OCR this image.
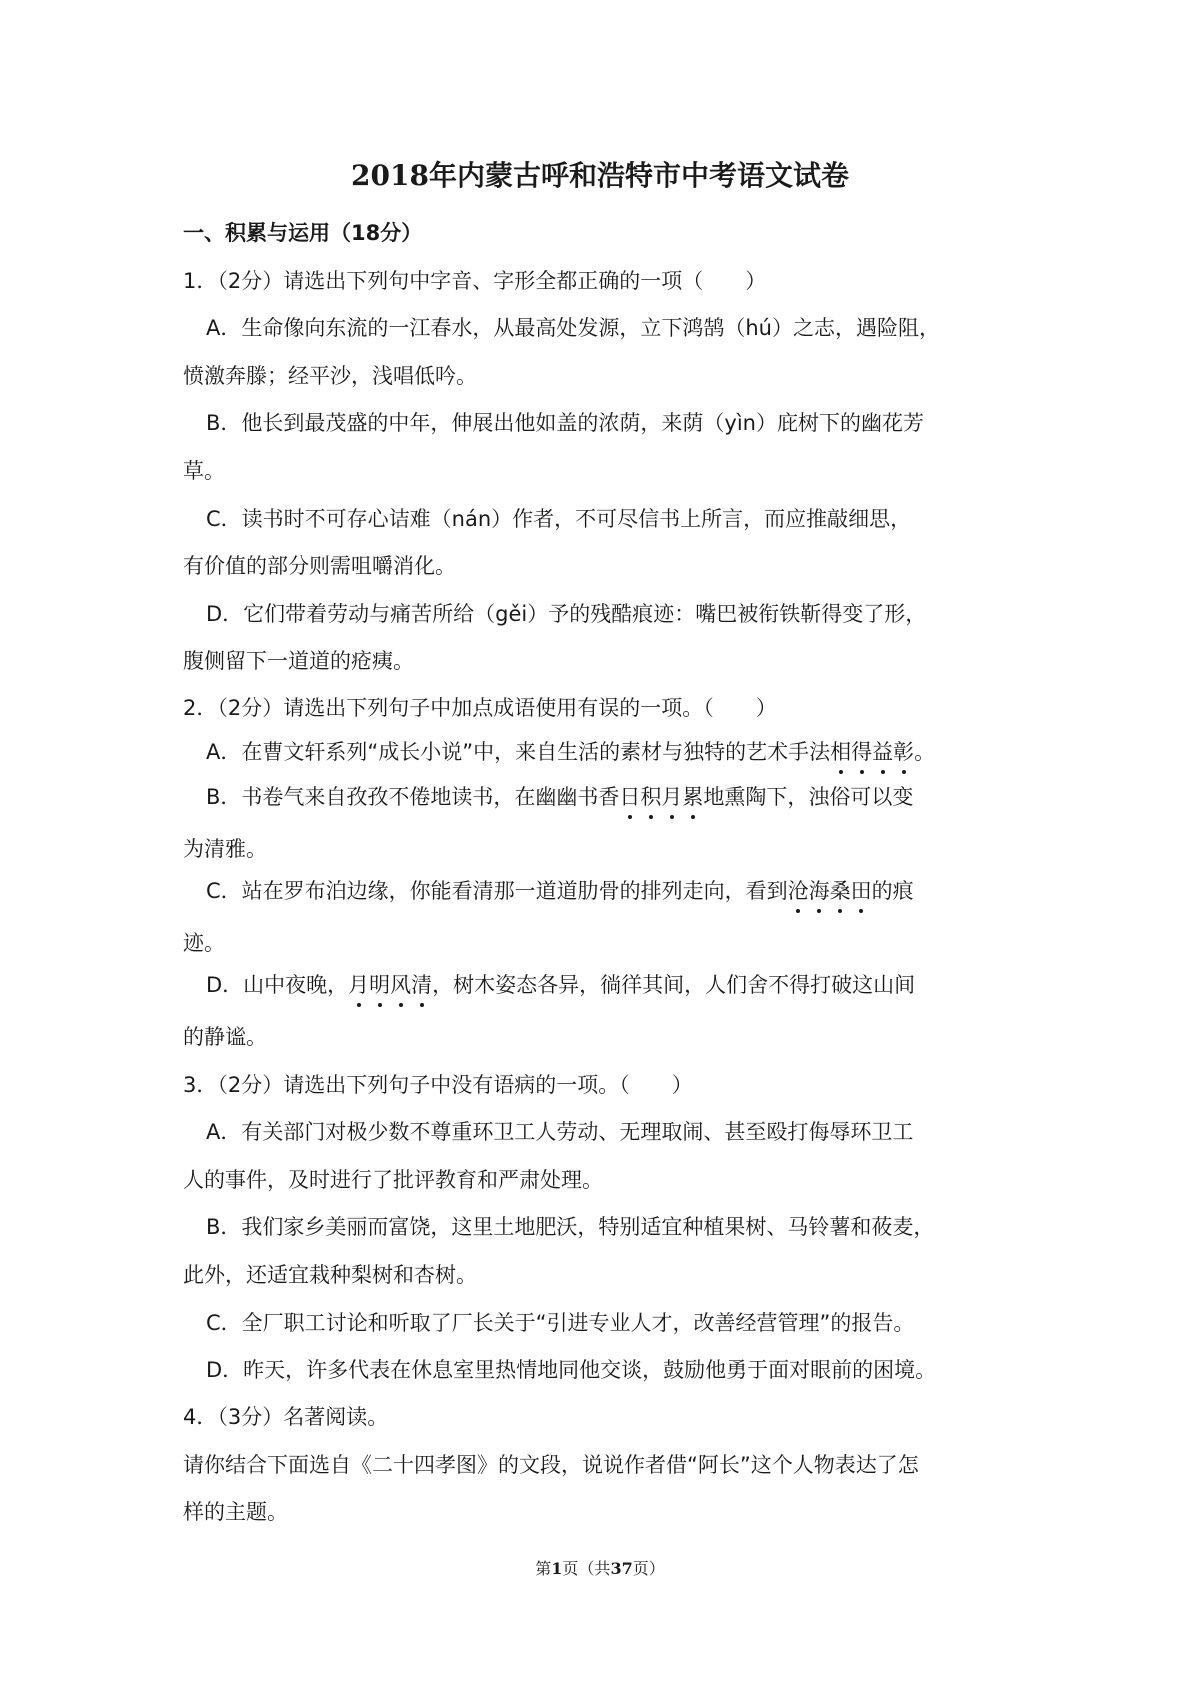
2018年内蒙古呼和浩特市中考语文试卷
一、积累与运用（18分）
1．（2分）请选出下列句中字音、字形全都正确的一项（　　）
A．生命像向东流的一江春水，从最高处发源，立下鸿鹄（hú）之志，遇险阻，
愤激奔滕；经平沙，浅唱低吟。
B．他长到最茂盛的中年，伸展出他如盖的浓荫，来荫（yìn）庇树下的幽花芳
草。
C．读书时不可存心诘难（nán）作者，不可尽信书上所言，而应推敲细思，
有价值的部分则需咀嚼消化。
D．它们带着劳动与痛苦所给（gěi）予的残酷痕迹：嘴巴被衔铁靳得变了形，
腹侧留下一道道的疮痍。
2．（2分）请选出下列句子中加点成语使用有误的一项。（　　）
A．在曹文轩系列“成长小说”中，来自生活的素材与独特的艺术手法相得益彰。
B．书卷气来自孜孜不倦地读书，在幽幽书香日积月累地熏陶下，浊俗可以变
为清雅。
C．站在罗布泊边缘，你能看清那一道道肋骨的排列走向，看到沧海桑田的痕
迹。
D．山中夜晚，月明风清，树木姿态各异，徜徉其间，人们舍不得打破这山间
的静谧。
3．（2分）请选出下列句子中没有语病的一项。（　　）
A．有关部门对极少数不尊重环卫工人劳动、无理取闹、甚至殴打侮辱环卫工
人的事件，及时进行了批评教育和严肃处理。
B．我们家乡美丽而富饶，这里土地肥沃，特别适宜种植果树、马铃薯和莜麦，
此外，还适宜栽种梨树和杏树。
C．全厂职工讨论和听取了厂长关于“引进专业人才，改善经营管理”的报告。
D．昨天，许多代表在休息室里热情地同他交谈，鼓励他勇于面对眼前的困境。
4．（3分）名著阅读。
请你结合下面选自《二十四孝图》的文段，说说作者借“阿长”这个人物表达了怎
样的主题。
第1页（共37页）
